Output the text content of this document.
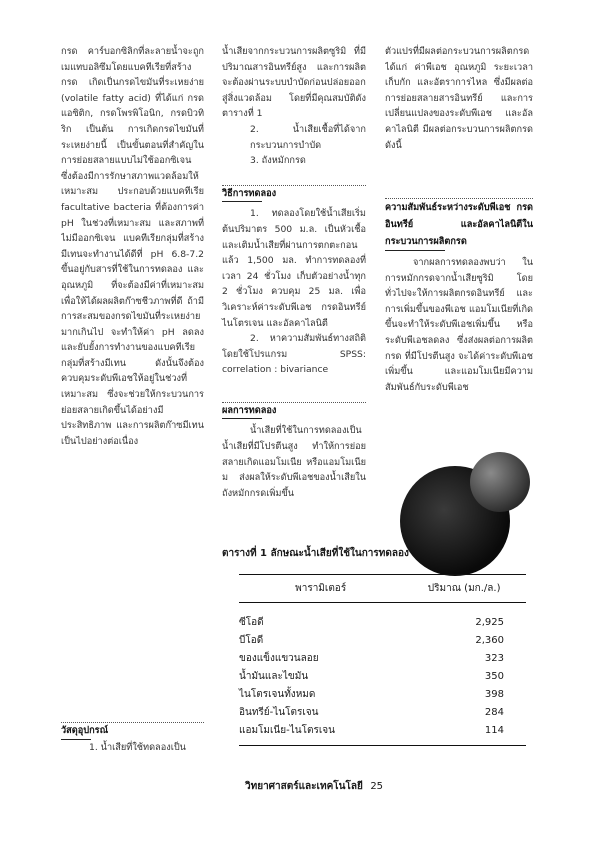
กรด คาร์บอกซิลิกที่ละลายน้ำจะถูกเมแทบอลิซึมโดยแบคทีเรียที่สร้างกรด เกิดเป็นกรดไขมันที่ระเหยง่าย (volatile fatty acid) ที่ได้แก่ กรดแอซิติก, กรดโพรพิโอนิก, กรดบิวทิริก เป็นต้น การเกิดกรดไขมันที่ระเหยง่ายนี้ เป็นขั้นตอนที่สำคัญในการย่อยสลายแบบไม่ใช้ออกซิเจน ซึ่งต้องมีการรักษาสภาพแวดล้อมให้เหมาะสม ประกอบด้วยแบคทีเรีย facultative bacteria ที่ต้องการค่า pH ในช่วงที่เหมาะสม และสภาพที่ไม่มีออกซิเจน แบคทีเรียกลุ่มที่สร้างมีเทนจะทำงานได้ดีที่ pH 6.8-7.2 ขึ้นอยู่กับสารที่ใช้ในการทดลอง และอุณหภูมิ ที่จะต้องมีค่าที่เหมาะสม เพื่อให้ได้ผลผลิตก๊าซชีวภาพที่ดี ถ้ามีการสะสมของกรดไขมันที่ระเหยง่ายมากเกินไป จะทำให้ค่า pH ลดลง และยับยั้งการทำงานของแบคทีเรียกลุ่มที่สร้างมีเทน ดังนั้นจึงต้องควบคุมระดับพีเอชให้อยู่ในช่วงที่เหมาะสม ซึ่งจะช่วยให้กระบวนการย่อยสลายเกิดขึ้นได้อย่างมีประสิทธิภาพ และการผลิตก๊าซมีเทนเป็นไปอย่างต่อเนื่อง

วัสดุอุปกรณ์

1. น้ำเสียที่ใช้ทดลองเป็น

น้ำเสียจากกระบวนการผลิตซูริมิ ที่มีปริมาณสารอินทรีย์สูง และการผลิตจะต้องผ่านระบบบำบัดก่อนปล่อยออกสู่สิ่งแวดล้อม โดยที่มีคุณสมบัติดังตารางที่ 1

2. น้ำเสียเชื้อที่ได้จากกระบวนการบำบัด

3. ถังหมักกรด

วิธีการทดลอง

1. ทดลองโดยใช้น้ำเสียเริ่มต้นปริมาตร 500 ม.ล. เป็นหัวเชื้อ และเติมน้ำเสียที่ผ่านการตกตะกอนแล้ว 1,500 มล. ทำการทดลองที่เวลา 24 ชั่วโมง เก็บตัวอย่างน้ำทุก 2 ชั่วโมง ควบคุม 25 มล. เพื่อวิเคราะห์ค่าระดับพีเอช กรดอินทรีย์ไนโตรเจน และอัลคาไลนิตี

2. หาความสัมพันธ์ทางสถิติ โดยใช้โปรแกรม SPSS: correlation : bivariance

ผลการทดลอง

น้ำเสียที่ใช้ในการทดลองเป็นน้ำเสียที่มีโปรตีนสูง ทำให้การย่อยสลายเกิดแอมโมเนีย หรือแอมโมเนียม ส่งผลให้ระดับพีเอชของน้ำเสียในถังหมักกรดเพิ่มขึ้น

ตัวแปรที่มีผลต่อกระบวนการผลิตกรด ได้แก่ ค่าพีเอช อุณหภูมิ ระยะเวลาเก็บกัก และอัตราการไหล ซึ่งมีผลต่อการย่อยสลายสารอินทรีย์ และการเปลี่ยนแปลงของระดับพีเอช และอัลคาไลนิตี มีผลต่อกระบวนการผลิตกรด ดังนี้

ความสัมพันธ์ระหว่างระดับพีเอช กรดอินทรีย์ และอัลคาไลนิตีในกระบวนการผลิตกรด

จากผลการทดลองพบว่า ในการหมักกรดจากน้ำเสียซูริมิ โดยทั่วไปจะให้การผลิตกรดอินทรีย์ และการเพิ่มขึ้นของพีเอช แอมโมเนียที่เกิดขึ้นจะทำให้ระดับพีเอชเพิ่มขึ้น หรือระดับพีเอชลดลง ซึ่งส่งผลต่อการผลิตกรด ที่มีโปรตีนสูง จะได้ค่าระดับพีเอชเพิ่มขึ้น และแอมโมเนียมีความสัมพันธ์กับระดับพีเอช

ตารางที่ 1 ลักษณะน้ำเสียที่ใช้ในการทดลอง
พารามิเตอร์	ปริมาณ (มก./ล.)
ซีโอดี	2,925
บีโอดี	2,360
ของแข็งแขวนลอย	323
น้ำมันและไขมัน	350
ไนโตรเจนทั้งหมด	398
อินทรีย์-ไนโตรเจน	284
แอมโมเนีย-ไนโตรเจน	114
วิทยาศาสตร์และเทคโนโลยี 25
